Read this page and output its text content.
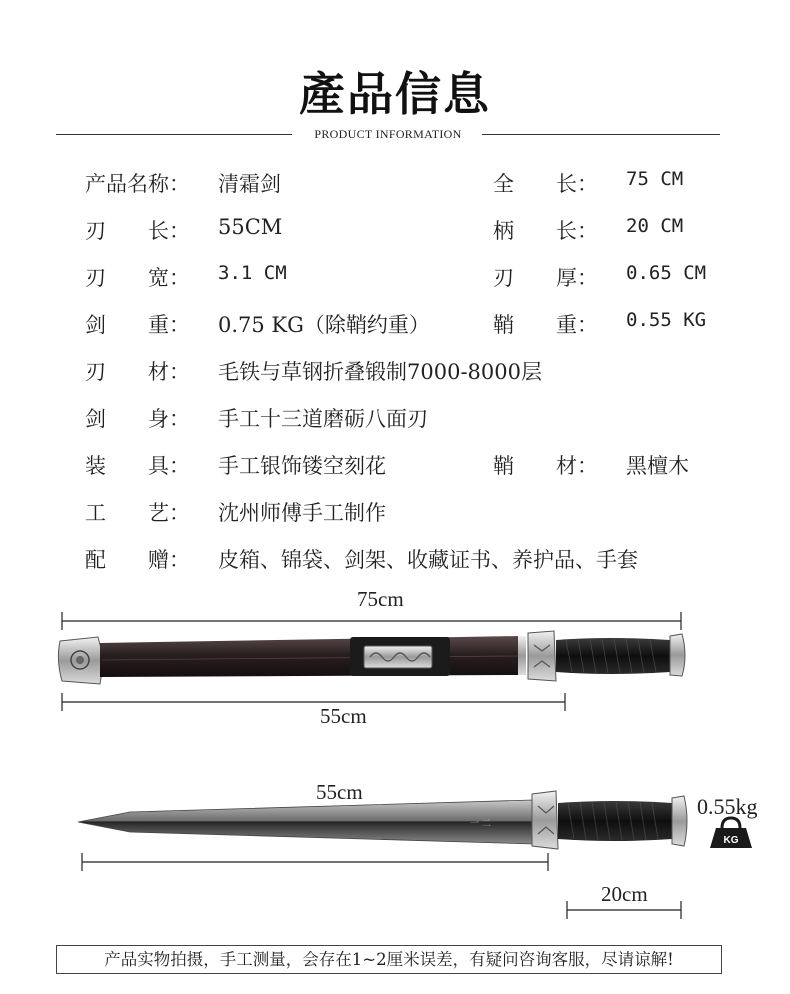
產品信息
PRODUCT INFORMATION
产品名称： 清霜剑	全　　长： 75 CM
刃　　长： 55CM	柄　　长： 20 CM
刃　　宽： 3.1 CM	刃　　厚： 0.65 CM
剑　　重： 0.75 KG（除鞘约重）	鞘　　重： 0.55 KG
刃　　材： 毛铁与草钢折叠锻制7000-8000层
剑　　身： 手工十三道磨砺八面刃
装　　具： 手工银饰镂空刻花	鞘　　材： 黑檀木
工　　艺： 沈州师傅手工制作
配　　赠： 皮箱、锦袋、剑架、收藏证书、养护品、手套
一 二
KG
75cm
55cm
55cm
20cm
0.55kg
产品实物拍摄，手工测量，会存在1~2厘米误差，有疑问咨询客服，尽请谅解!
